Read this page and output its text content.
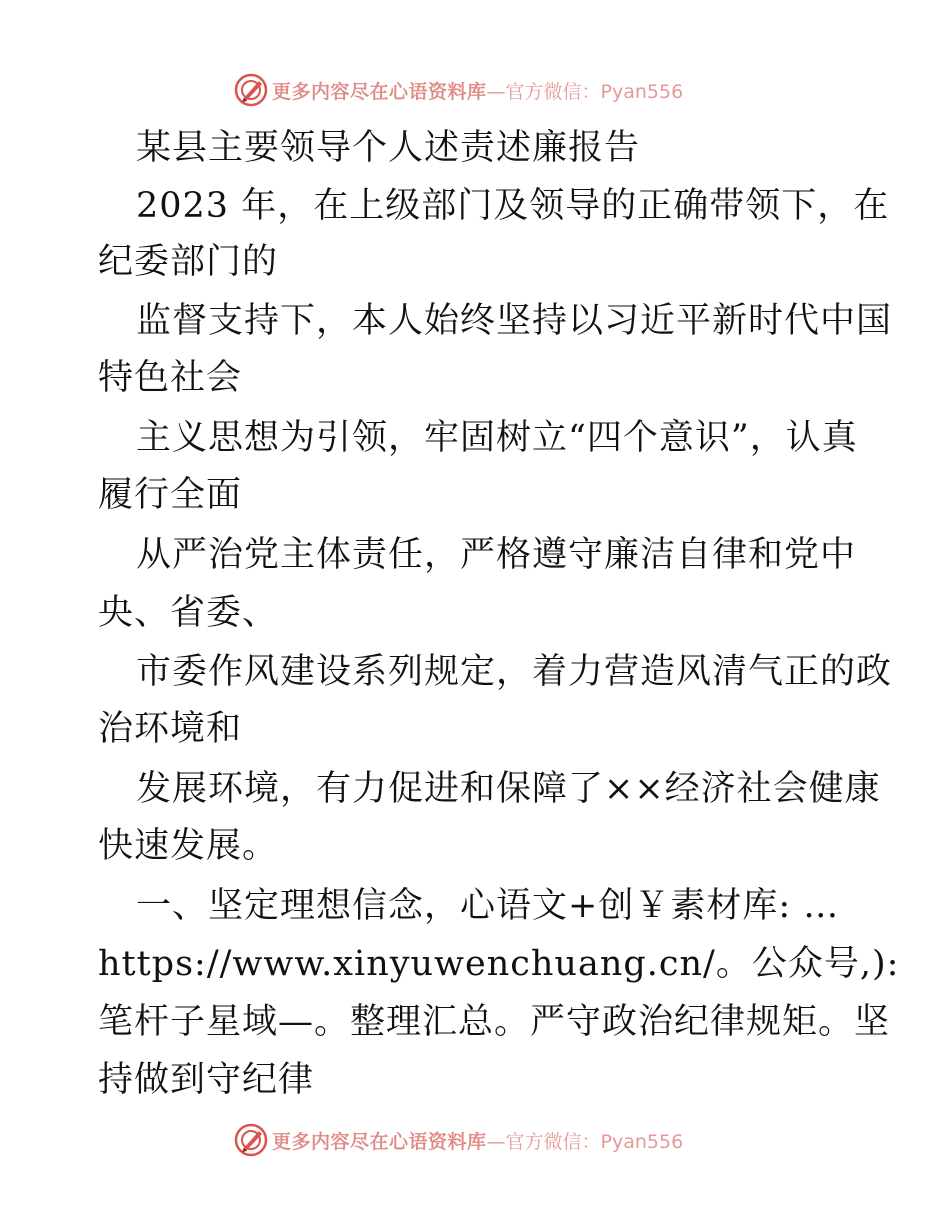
更多内容尽在心语资料库 —官方微信：Pyan556

某县主要领导个人述责述廉报告

2023 年，在上级部门及领导的正确带领下，在

纪委部门的

监督支持下，本人始终坚持以习近平新时代中国

特色社会

主义思想为引领，牢固树立“四个意识”，认真

履行全面

从严治党主体责任，严格遵守廉洁自律和党中

央、省委、

市委作风建设系列规定，着力营造风清气正的政

治环境和

发展环境，有力促进和保障了××经济社会健康

快速发展。

一、坚定理想信念，心语文+创￥素材库: …

https://www.xinyuwenchuang.cn/。公众号,):

笔杆子星域—。整理汇总。严守政治纪律规矩。坚

持做到守纪律

更多内容尽在心语资料库 —官方微信：Pyan556
